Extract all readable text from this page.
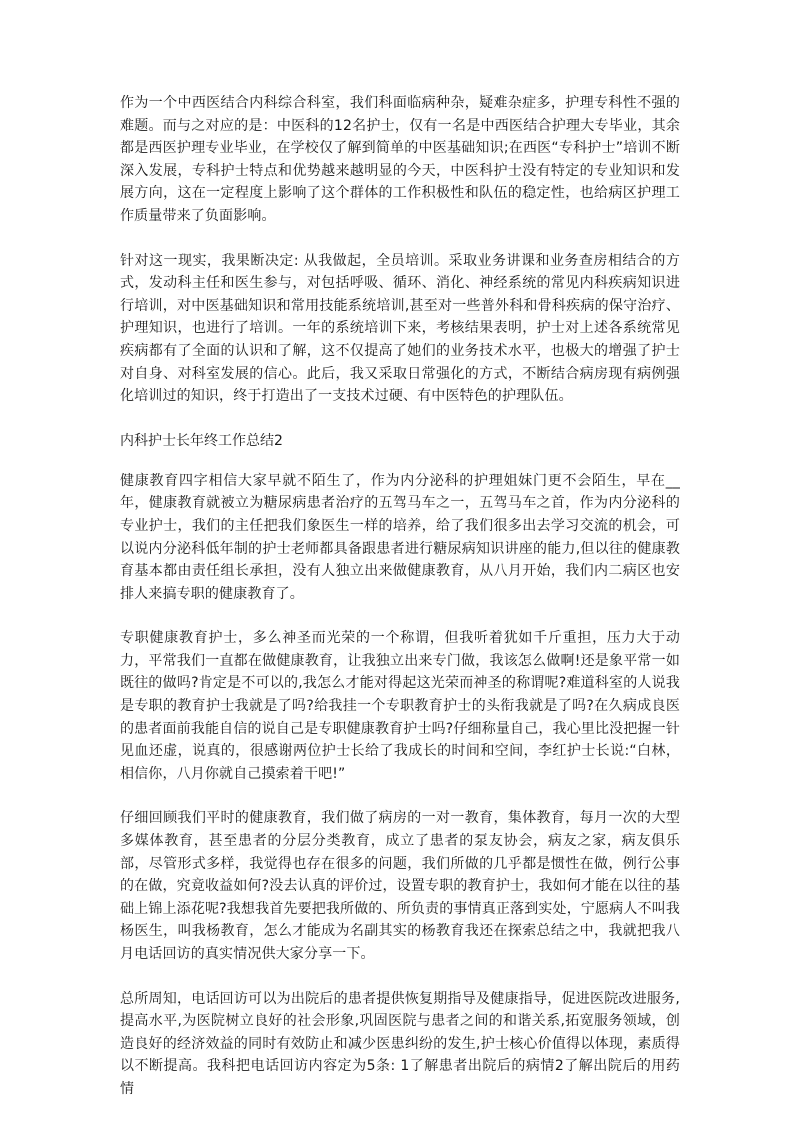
作为一个中西医结合内科综合科室，我们科面临病种杂，疑难杂症多，护理专科性不强的难题。而与之对应的是：中医科的12名护士，仅有一名是中西医结合护理大专毕业，其余都是西医护理专业毕业，在学校仅了解到简单的中医基础知识;在西医“专科护士”培训不断深入发展，专科护士特点和优势越来越明显的今天，中医科护士没有特定的专业知识和发展方向，这在一定程度上影响了这个群体的工作积极性和队伍的稳定性，也给病区护理工作质量带来了负面影响。

针对这一现实，我果断决定: 从我做起，全员培训。采取业务讲课和业务查房相结合的方式，发动科主任和医生参与，对包括呼吸、循环、消化、神经系统的常见内科疾病知识进行培训，对中医基础知识和常用技能系统培训,甚至对一些普外科和骨科疾病的保守治疗、护理知识，也进行了培训。一年的系统培训下来，考核结果表明，护士对上述各系统常见疾病都有了全面的认识和了解，这不仅提高了她们的业务技术水平，也极大的增强了护士对自身、对科室发展的信心。此后，我又采取日常强化的方式，不断结合病房现有病例强化培训过的知识，终于打造出了一支技术过硬、有中医特色的护理队伍。

内科护士长年终工作总结2

健康教育四字相信大家早就不陌生了，作为内分泌科的护理姐妹门更不会陌生，早在__年，健康教育就被立为糖尿病患者治疗的五驾马车之一，五驾马车之首，作为内分泌科的专业护士，我们的主任把我们象医生一样的培养，给了我们很多出去学习交流的机会，可以说内分泌科低年制的护士老师都具备跟患者进行糖尿病知识讲座的能力,但以往的健康教育基本都由责任组长承担，没有人独立出来做健康教育，从八月开始，我们内二病区也安排人来搞专职的健康教育了。

专职健康教育护士，多么神圣而光荣的一个称谓，但我听着犹如千斤重担，压力大于动力，平常我们一直都在做健康教育，让我独立出来专门做，我该怎么做啊!还是象平常一如既往的做吗?肯定是不可以的,我怎么才能对得起这光荣而神圣的称谓呢?难道科室的人说我是专职的教育护士我就是了吗?给我挂一个专职教育护士的头衔我就是了吗?在久病成良医的患者面前我能自信的说自己是专职健康教育护士吗?仔细称量自己，我心里比没把握一针见血还虚，说真的，很感谢两位护士长给了我成长的时间和空间，李红护士长说:“白林，相信你，八月你就自己摸索着干吧!”

仔细回顾我们平时的健康教育，我们做了病房的一对一教育，集体教育，每月一次的大型多媒体教育，甚至患者的分层分类教育，成立了患者的泵友协会，病友之家，病友俱乐部，尽管形式多样，我觉得也存在很多的问题，我们所做的几乎都是惯性在做，例行公事的在做，究竟收益如何?没去认真的评价过，设置专职的教育护士，我如何才能在以往的基础上锦上添花呢?我想我首先要把我所做的、所负责的事情真正落到实处，宁愿病人不叫我杨医生，叫我杨教育，怎么才能成为名副其实的杨教育我还在探索总结之中，我就把我八月电话回访的真实情况供大家分享一下。

总所周知，电话回访可以为出院后的患者提供恢复期指导及健康指导，促进医院改进服务,提高水平,为医院树立良好的社会形象,巩固医院与患者之间的和谐关系,拓宽服务领域，创造良好的经济效益的同时有效防止和减少医患纠纷的发生,护士核心价值得以体现，素质得以不断提高。我科把电话回访内容定为5条: 1了解患者出院后的病情2了解出院后的用药情
